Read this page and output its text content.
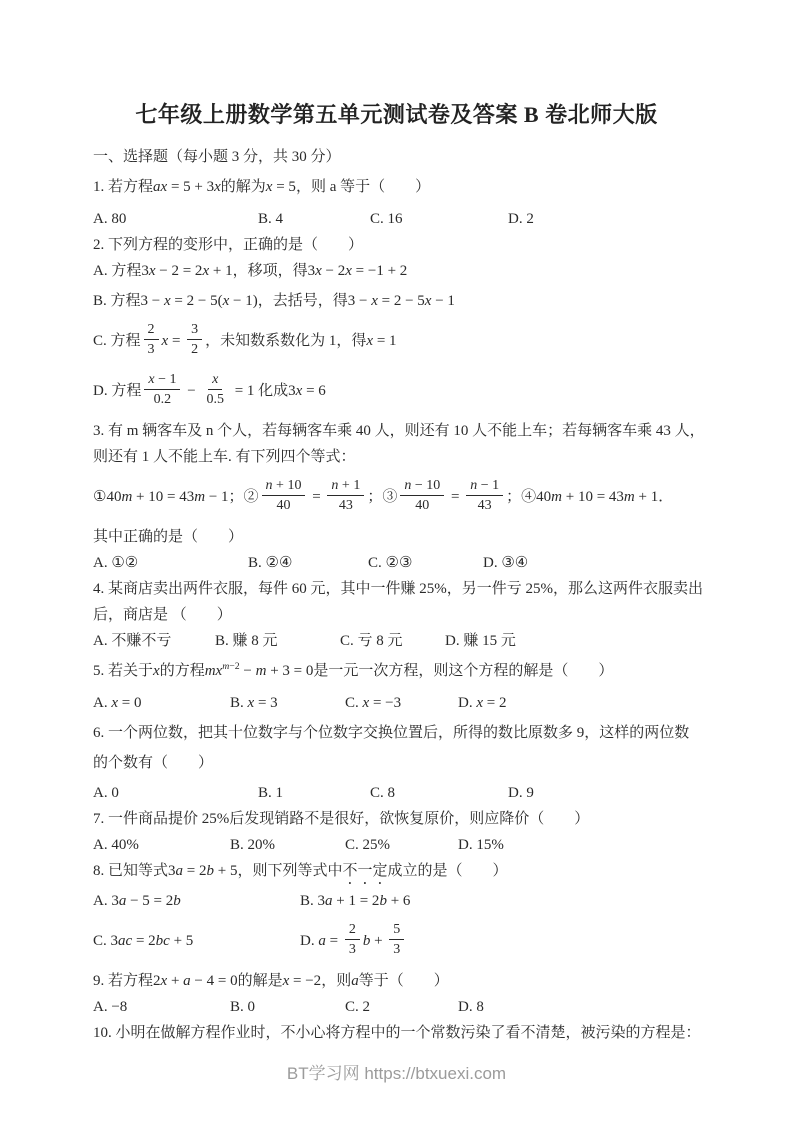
七年级上册数学第五单元测试卷及答案 B 卷北师大版
一、选择题（每小题 3 分，共 30 分）
1. 若方程ax = 5 + 3x的解为x = 5，则 a 等于（　　）
A. 80	B. 4	C. 16	D. 2
2. 下列方程的变形中，正确的是（　　）
A. 方程3x − 2 = 2x + 1，移项，得3x − 2x = −1 + 2
B. 方程3 − x = 2 − 5(x − 1)，去括号，得3 − x = 2 − 5x − 1
C. 方程 $\frac{2}{3}$ $x = \frac{3}{2}$ ，未知数系数化为 1，得x = 1
D. 方程 $\frac{x - 1}{0.2} - \frac{x}{0.5} = 1$ 化成3x = 6
3. 有 m 辆客车及 n 个人，若每辆客车乘 40 人，则还有 10 人不能上车；若每辆客车乘 43 人，
则还有 1 人不能上车. 有下列四个等式：
①40m + 10 = 43m − 1；② $\frac{n + 10}{40} = \frac{n + 1}{43}$ ；③ $\frac{n - 10}{40} = \frac{n - 1}{43}$ ；④40m + 10 = 43m + 1．
其中正确的是（　　）
A. ①②	B. ②④	C. ②③	D. ③④
4. 某商店卖出两件衣服，每件 60 元，其中一件赚 25%，另一件亏 25%，那么这两件衣服卖出
后，商店是 （　　）
A. 不赚不亏	B. 赚 8 元	C. 亏 8 元	D. 赚 15 元
5. 若关于x的方程$mx^{m-2} - m + 3 = 0$是一元一次方程，则这个方程的解是（　　）
A. x = 0	B. x = 3	C. x = −3	D. x = 2
6. 一个两位数，把其十位数字与个位数字交换位置后，所得的数比原数多 9，这样的两位数
的个数有（　　）
A. 0	B. 1	C. 8	D. 9
7. 一件商品提价 25%后发现销路不是很好，欲恢复原价，则应降价（　　）
A. 40%	B. 20%	C. 25%	D. 15%
8. 已知等式3a = 2b + 5，则下列等式中不一定成立的是（　　）
A. 3a − 5 = 2b	B. 3a + 1 = 2b + 6
C. 3ac = 2bc + 5	D. $a = \frac{2}{3}$ $b + \frac{5}{3}$
9. 若方程2x + a − 4 = 0的解是x = −2，则a等于（　　）
A. −8	B. 0	C. 2	D. 8
10. 小明在做解方程作业时，不小心将方程中的一个常数污染了看不清楚，被污染的方程是：
BT学习网 https://btxuexi.com
